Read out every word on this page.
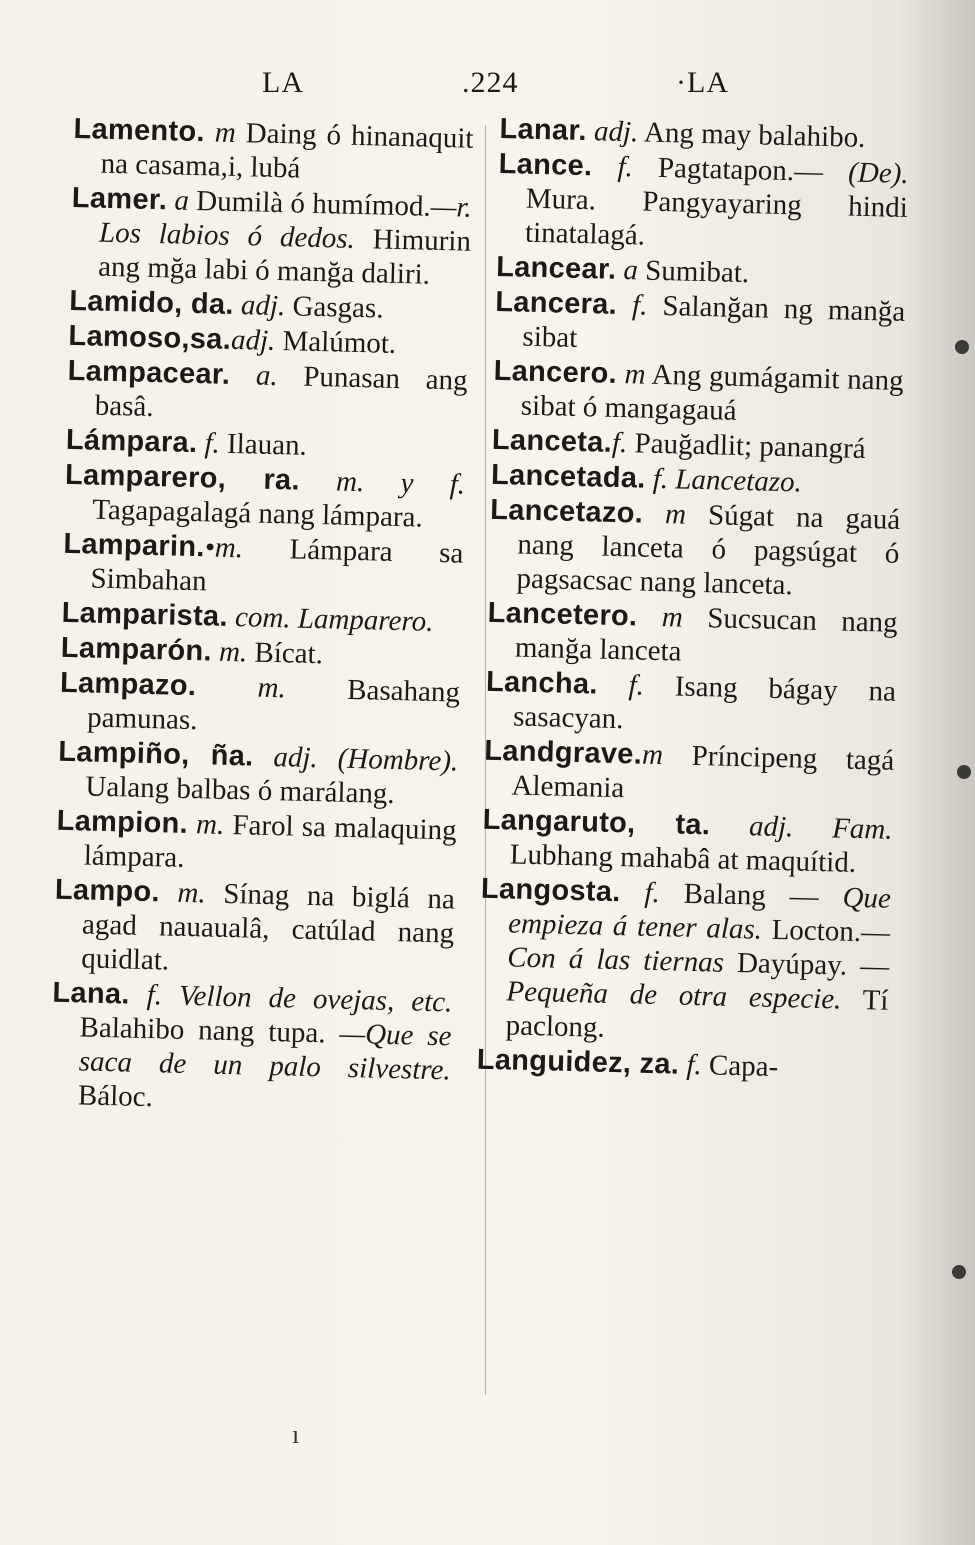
LA	.224	·LA

Lamento. m Daing ó hinanaquit na casama,i, lubá

Lamer. a Dumilà ó humímod.—r. Los labios ó dedos. Himurin ang mğa labi ó manğa daliri.

Lamido, da. adj. Gasgas.

Lamoso,sa.adj. Malúmot.

Lampacear. a. Punasan ang basâ.

Lámpara. f. Ilauan.

Lamparero, ra. m. y f. Tagapagalagá nang lámpara.

Lamparin.•m. Lámpara sa Simbahan

Lamparista. com. Lamparero.

Lamparón. m. Bícat.

Lampazo. m. Basahang pamunas.

Lampiño, ña. adj. (Hombre). Ualang balbas ó marálang.

Lampion. m. Farol sa malaquing lámpara.

Lampo. m. Sínag na biglá na agad nauaualâ, catúlad nang quidlat.

Lana. f. Vellon de ovejas, etc. Balahibo nang tupa. —Que se saca de un palo silvestre. Báloc.

Lanar. adj. Ang may balahibo.

Lance. f. Pagtatapon.— (De). Mura. Pangyayaring hindi tinatalagá.

Lancear. a Sumibat.

Lancera. f. Salanğan ng manğa sibat

Lancero. m Ang gumágamit nang sibat ó mangagauá

Lanceta.f. Pauğadlit; panangrá

Lancetada. f. Lancetazo.

Lancetazo. m Súgat na gauá nang lanceta ó pagsúgat ó pagsacsac nang lanceta.

Lancetero. m Sucsucan nang manğa lanceta

Lancha. f. Isang bágay na sasacyan.

Landgrave.m Príncipeng tagá Alemania

Langaruto, ta. adj. Fam. Lubhang mahabâ at maquítid.

Langosta. f. Balang — Que empieza á tener alas. Locton.— Con á las tiernas Dayúpay. — Pequeña de otra especie. Tí paclong.

Languidez, za. f. Capa-

ı
